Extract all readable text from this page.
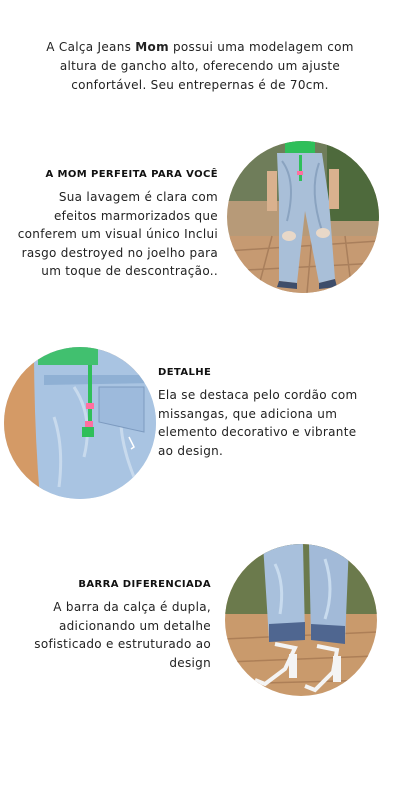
A Calça Jeans Mom possui uma modelagem com altura de gancho alto, oferecendo um ajuste confortável. Seu entrepernas é de 70cm.

A MOM PERFEITA PARA VOCÊ
Sua lavagem é clara com efeitos marmorizados que conferem um visual único Inclui rasgo destroyed no joelho para um toque de descontração..
DETALHE
Ela se destaca pelo cordão com missangas, que adiciona um elemento decorativo e vibrante ao design.
BARRA DIFERENCIADA
A barra da calça é dupla, adicionando um detalhe sofisticado e estruturado ao design
